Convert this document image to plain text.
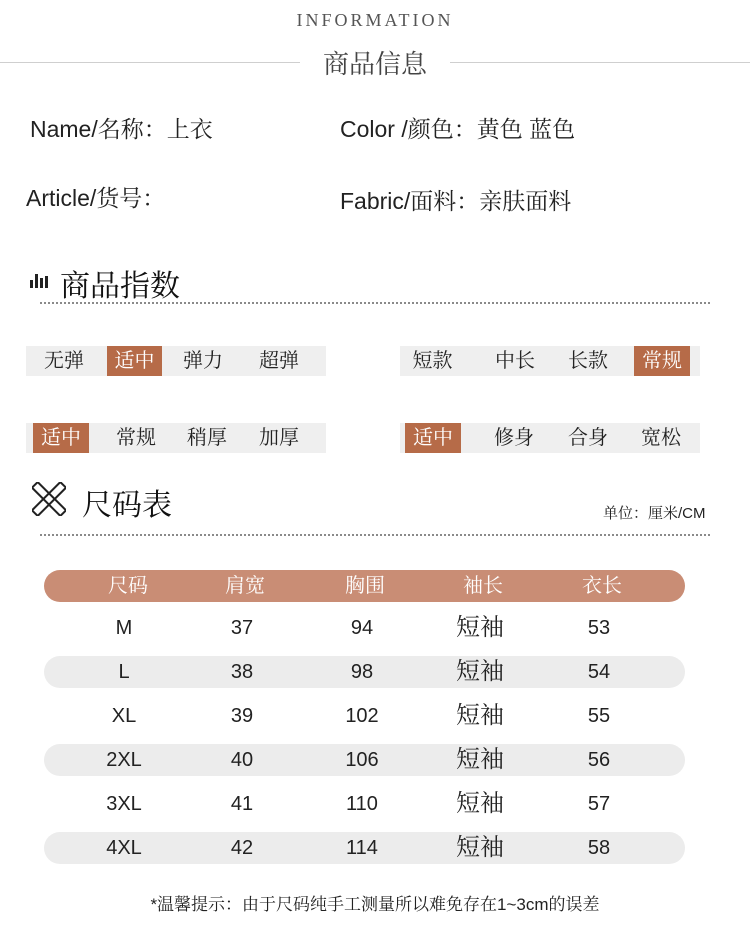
INFORMATION
商品信息
Name/名称：上衣	Color /颜色：黄色 蓝色
Article/货号：	Fabric/面料：亲肤面料
商品指数
无弹	适中	弹力	超弹	短款	中长	长款	常规
适中	常规	稍厚	加厚	适中	修身	合身	宽松
尺码表	单位：厘米/CM
尺码	肩宽	胸围	袖长	衣长
M	37	94	短袖	53
L	38	98	短袖	54
XL	39	102	短袖	55
2XL	40	106	短袖	56
3XL	41	110	短袖	57
4XL	42	114	短袖	58
*温馨提示：由于尺码纯手工测量所以难免存在1~3cm的误差
